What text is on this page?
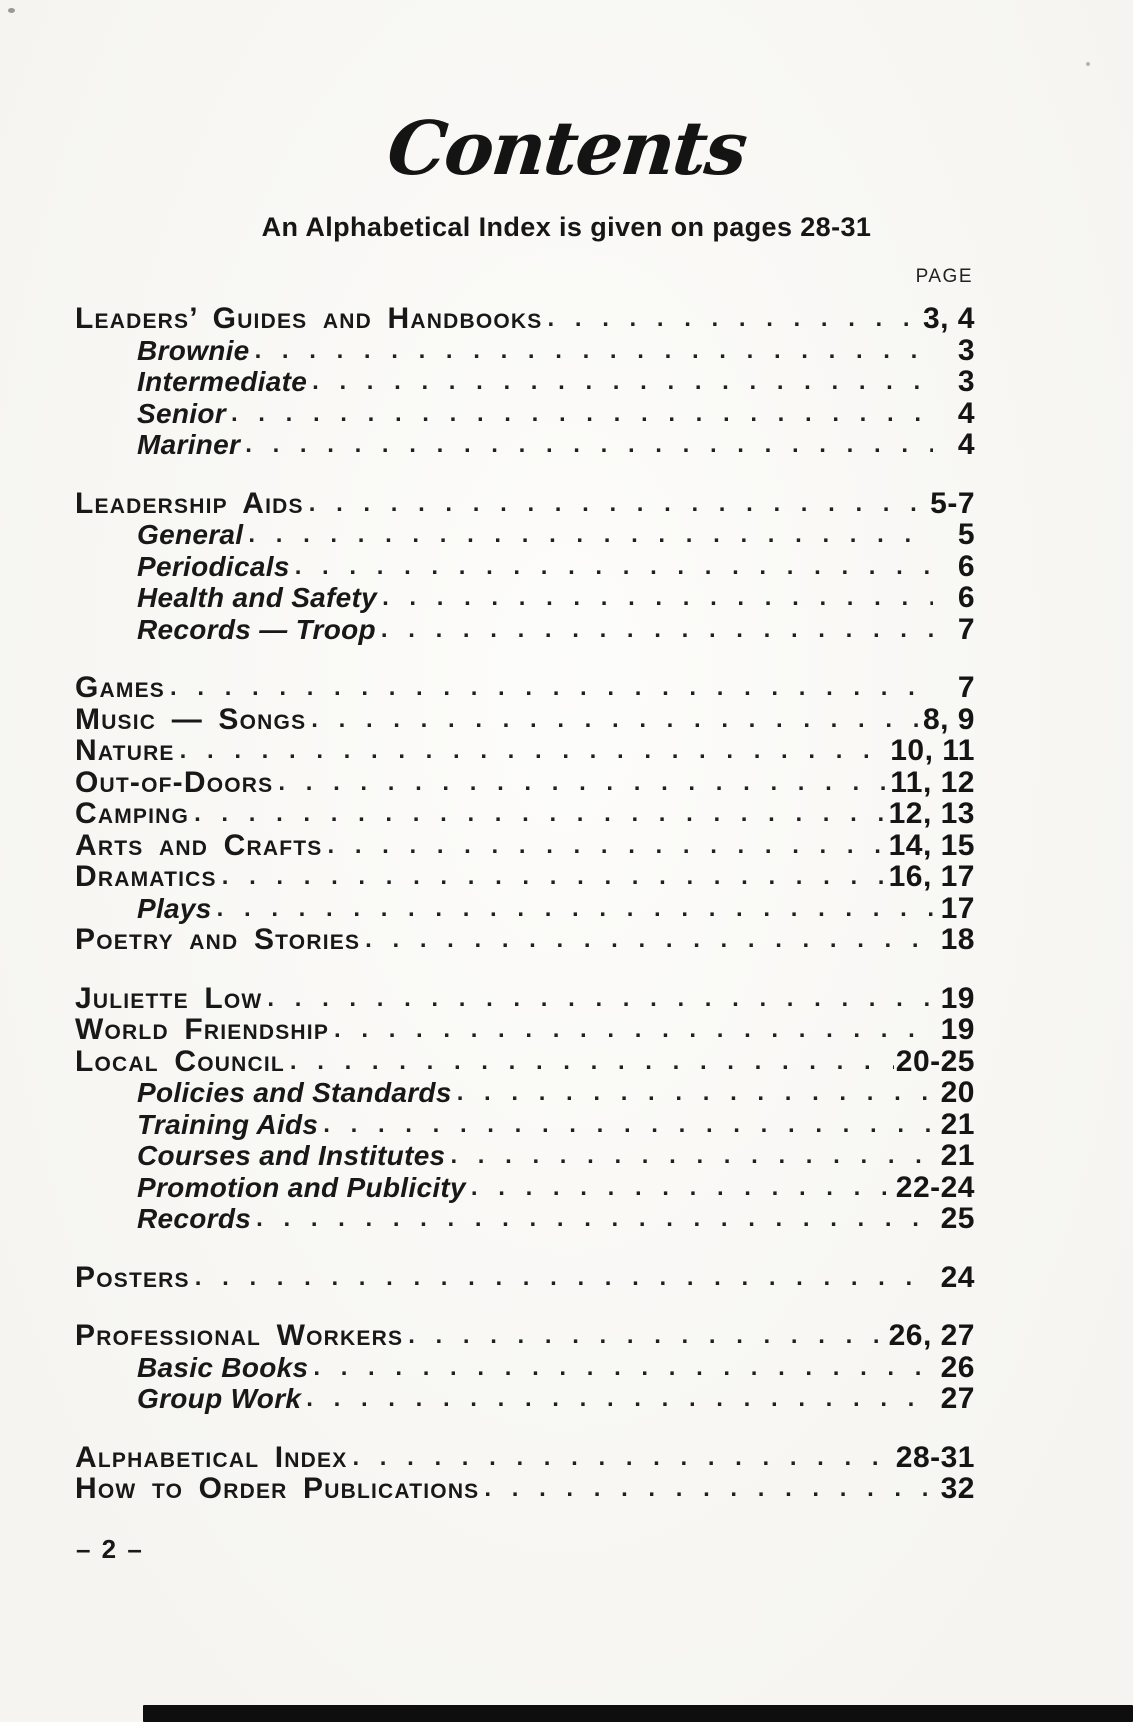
Contents
An Alphabetical Index is given on pages 28-31
PAGE
Leaders’ Guides and Handbooks . . .	3, 4
Brownie . . .	3
Intermediate . . .	3
Senior . . .	4
Mariner . . .	4
Leadership Aids . . .	5-7
General . . .	5
Periodicals . . .	6
Health and Safety . . .	6
Records — Troop . . .	7
Games . . .	7
Music — Songs . . .	8, 9
Nature . . .	10, 11
Out-of-Doors . . .	11, 12
Camping . . .	12, 13
Arts and Crafts . . .	14, 15
Dramatics . . .	16, 17
Plays . . .	17
Poetry and Stories . . .	18
Juliette Low . . .	19
World Friendship . . .	19
Local Council . . .	20-25
Policies and Standards . . .	20
Training Aids . . .	21
Courses and Institutes . . .	21
Promotion and Publicity . . .	22-24
Records . . .	25
Posters . . .	24
Professional Workers . . .	26, 27
Basic Books . . .	26
Group Work . . .	27
Alphabetical Index . . .	28-31
How to Order Publications . . .	32
– 2 –
